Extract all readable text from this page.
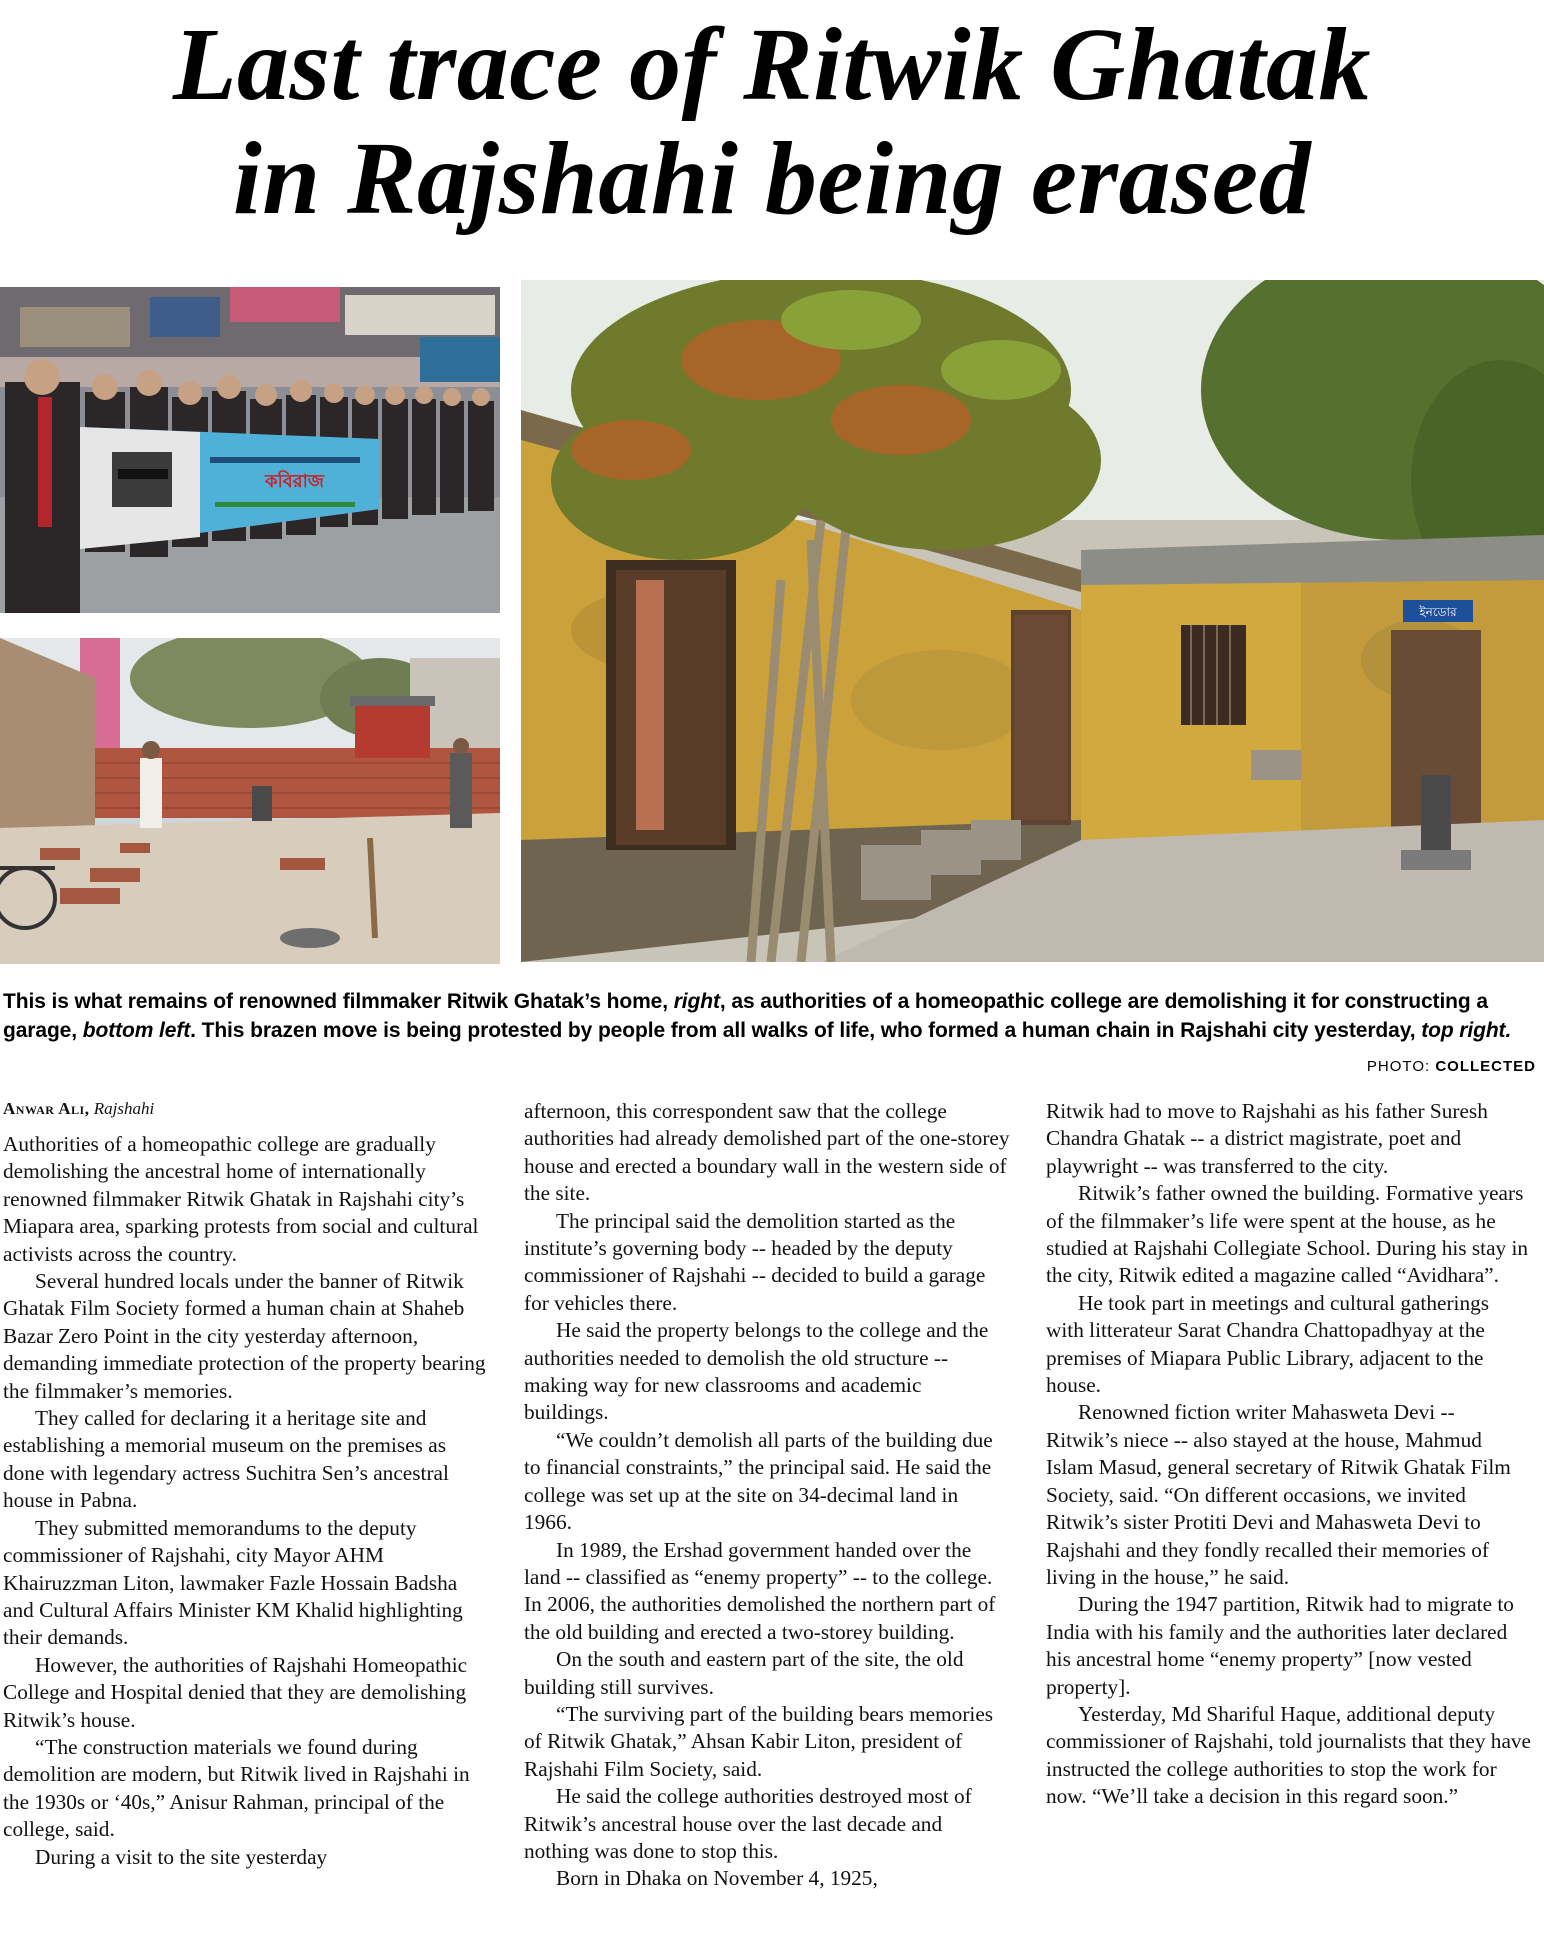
Last trace of Ritwik Ghatak
in Rajshahi being erased
কবিরাজ
ইনডোর
This is what remains of renowned filmmaker Ritwik Ghatak’s home, right, as authorities of a homeopathic college are demolishing it for constructing a garage, bottom left. This brazen move is being protested by people from all walks of life, who formed a human chain in Rajshahi city yesterday, top right.
PHOTO: COLLECTED
Anwar Ali, Rajshahi

Authorities of a homeopathic college are gradually demolishing the ancestral home of internationally renowned filmmaker Ritwik Ghatak in Rajshahi city’s Miapara area, sparking protests from social and cultural activists across the country.

Several hundred locals under the banner of Ritwik Ghatak Film Society formed a human chain at Shaheb Bazar Zero Point in the city yesterday afternoon, demanding immediate protection of the property bearing the filmmaker’s memories.

They called for declaring it a heritage site and establishing a memorial museum on the premises as done with legendary actress Suchitra Sen’s ancestral house in Pabna.

They submitted memorandums to the deputy commissioner of Rajshahi, city Mayor AHM Khairuzzman Liton, lawmaker Fazle Hossain Badsha and Cultural Affairs Minister KM Khalid highlighting their demands.

However, the authorities of Rajshahi Homeopathic College and Hospital denied that they are demolishing Ritwik’s house.

“The construction materials we found during demolition are modern, but Ritwik lived in Rajshahi in the 1930s or ‘40s,” Anisur Rahman, principal of the college, said.

During a visit to the site yesterday

afternoon, this correspondent saw that the college authorities had already demolished part of the one-storey house and erected a boundary wall in the western side of the site.

The principal said the demolition started as the institute’s governing body -- headed by the deputy commissioner of Rajshahi -- decided to build a garage for vehicles there.

He said the property belongs to the college and the authorities needed to demolish the old structure -- making way for new classrooms and academic buildings.

“We couldn’t demolish all parts of the building due to financial constraints,” the principal said. He said the college was set up at the site on 34-decimal land in 1966.

In 1989, the Ershad government handed over the land -- classified as “enemy property” -- to the college. In 2006, the authorities demolished the northern part of the old building and erected a two-storey building.

On the south and eastern part of the site, the old building still survives.

“The surviving part of the building bears memories of Ritwik Ghatak,” Ahsan Kabir Liton, president of Rajshahi Film Society, said.

He said the college authorities destroyed most of Ritwik’s ancestral house over the last decade and nothing was done to stop this.

Born in Dhaka on November 4, 1925,

Ritwik had to move to Rajshahi as his father Suresh Chandra Ghatak -- a district magistrate, poet and playwright -- was transferred to the city.

Ritwik’s father owned the building. Formative years of the filmmaker’s life were spent at the house, as he studied at Rajshahi Collegiate School. During his stay in the city, Ritwik edited a magazine called “Avidhara”.

He took part in meetings and cultural gatherings with litterateur Sarat Chandra Chattopadhyay at the premises of Miapara Public Library, adjacent to the house.

Renowned fiction writer Mahasweta Devi -- Ritwik’s niece -- also stayed at the house, Mahmud Islam Masud, general secretary of Ritwik Ghatak Film Society, said. “On different occasions, we invited Ritwik’s sister Protiti Devi and Mahasweta Devi to Rajshahi and they fondly recalled their memories of living in the house,” he said.

During the 1947 partition, Ritwik had to migrate to India with his family and the authorities later declared his ancestral home “enemy property” [now vested property].

Yesterday, Md Shariful Haque, additional deputy commissioner of Rajshahi, told journalists that they have instructed the college authorities to stop the work for now. “We’ll take a decision in this regard soon.”
